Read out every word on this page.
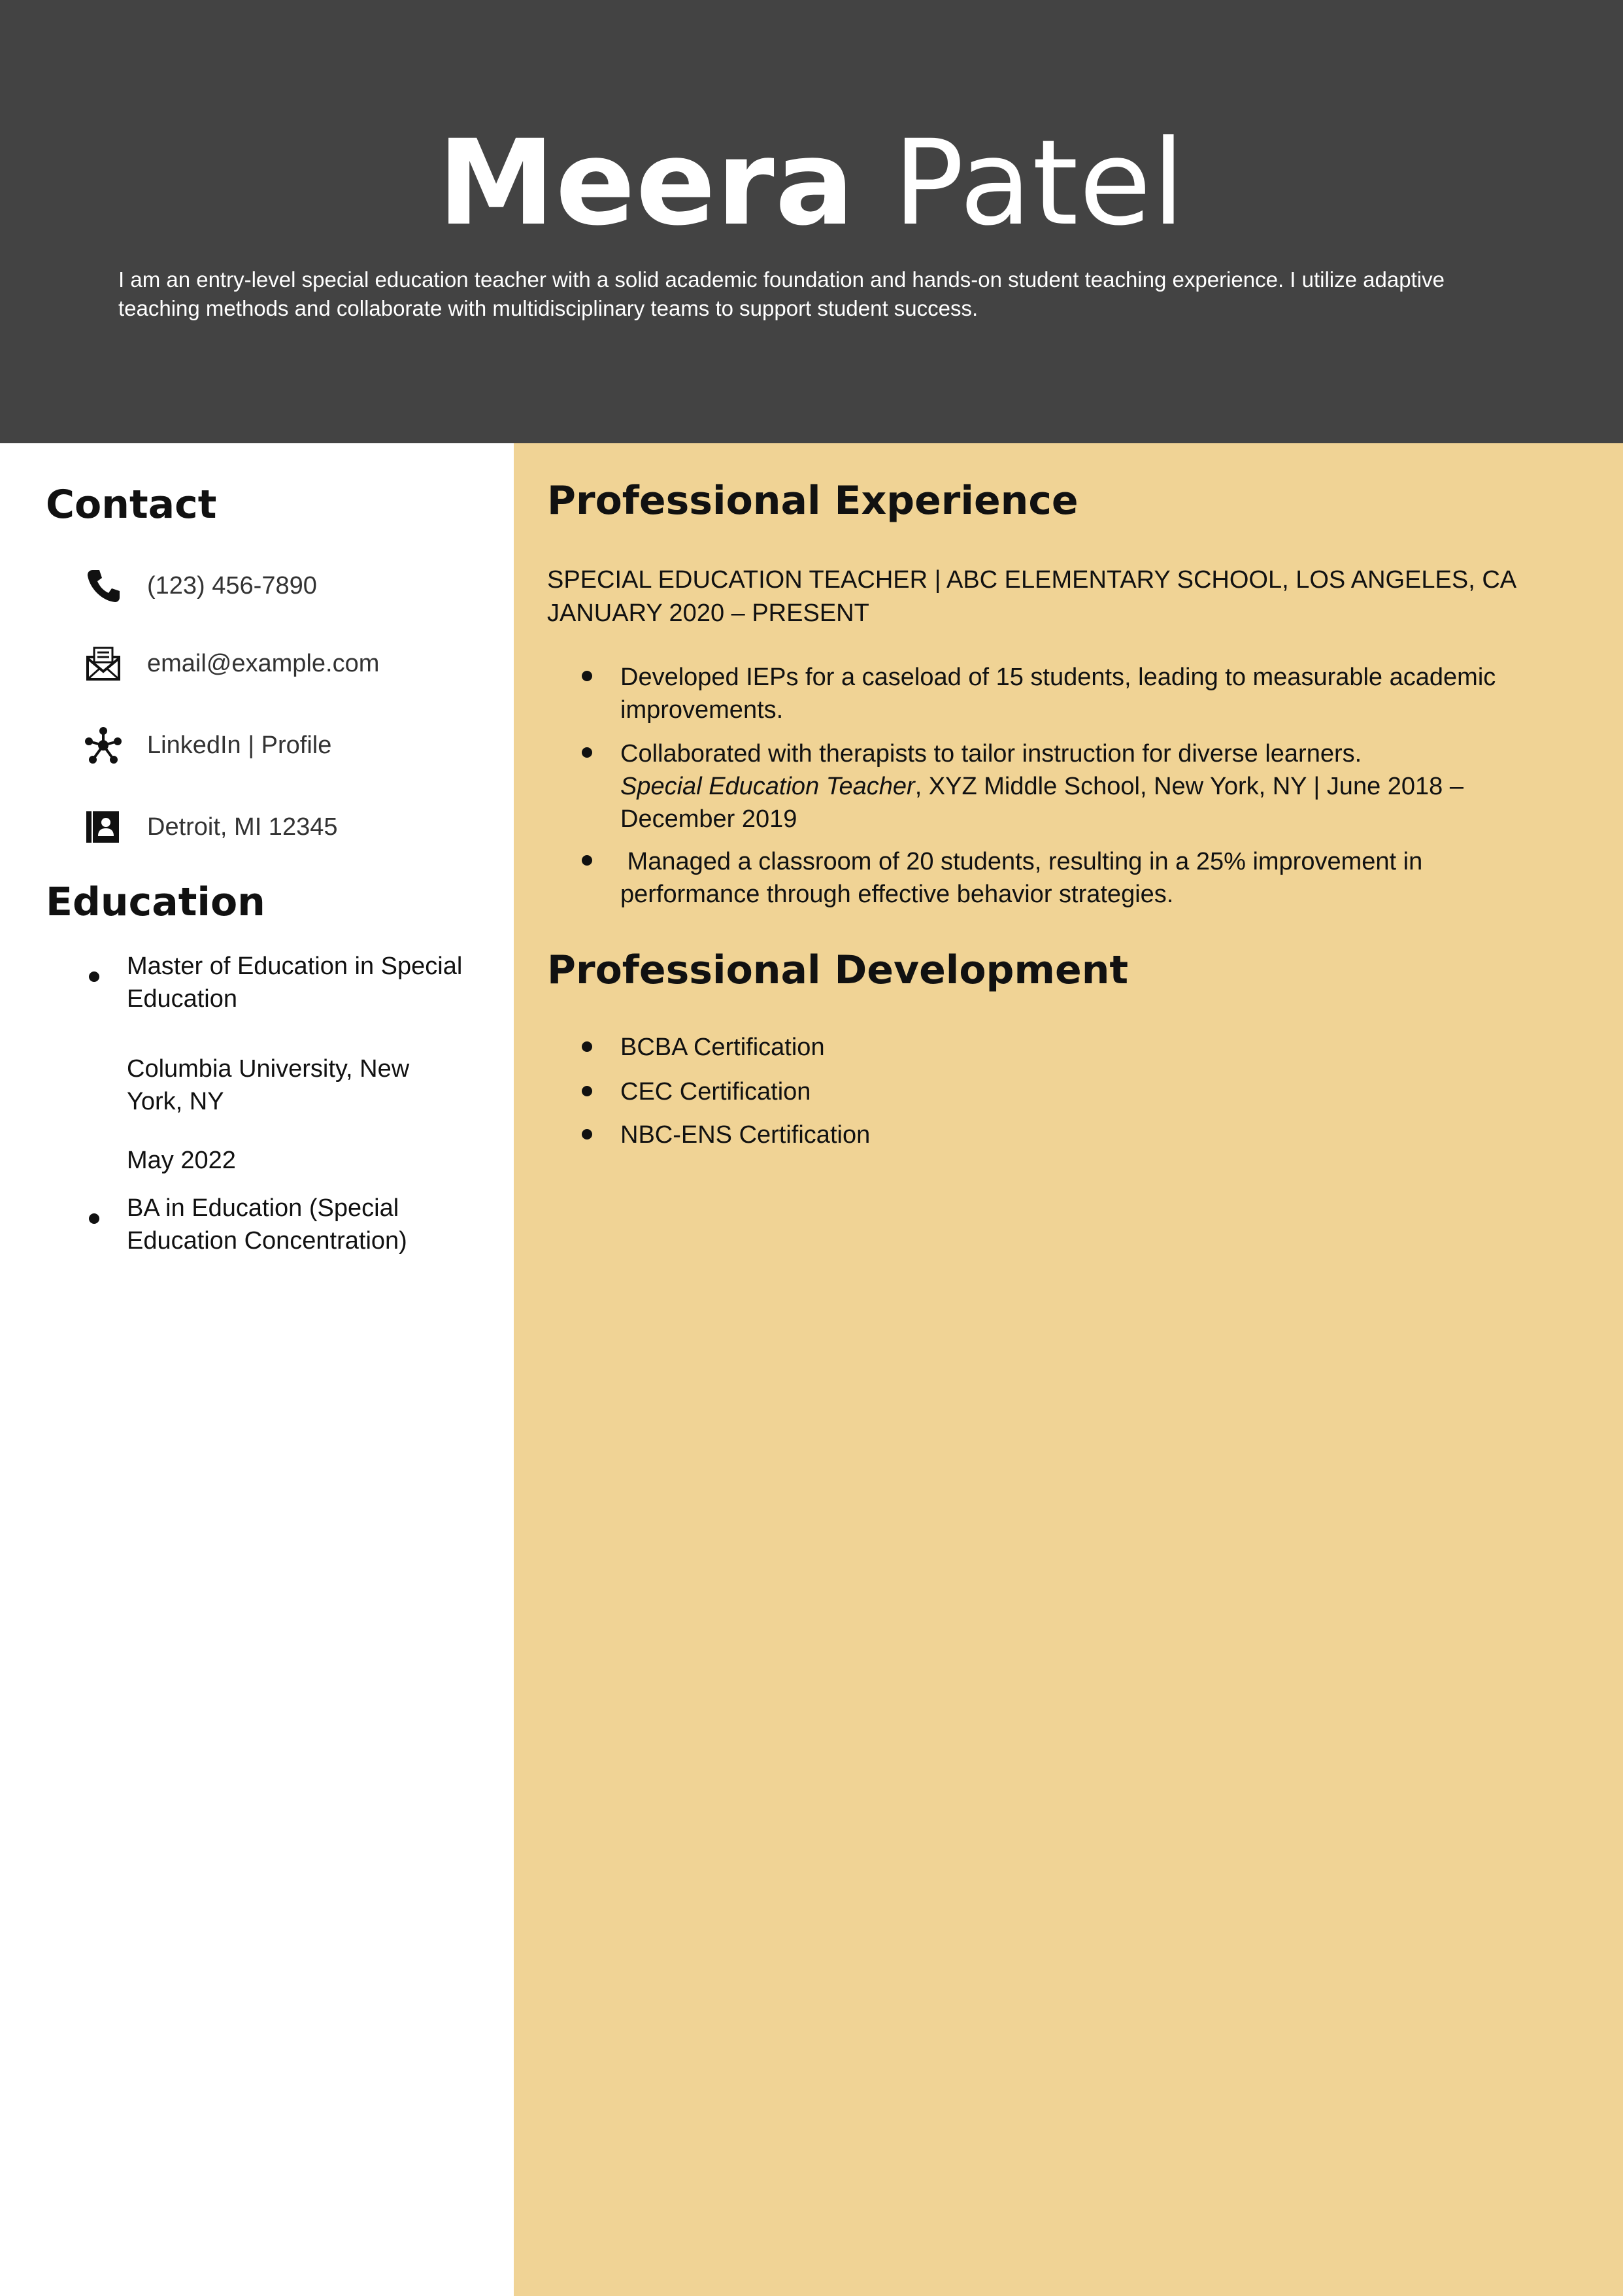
Meera Patel
I am an entry-level special education teacher with a solid academic foundation and hands-on student teaching experience. I utilize adaptive teaching methods and collaborate with multidisciplinary teams to support student success.
Contact
(123) 456-7890
email@example.com
LinkedIn | Profile
Detroit, MI 12345
Education
Master of Education in Special
Education
Columbia University, New
York, NY
May 2022
BA in Education (Special
Education Concentration)
Professional Experience
SPECIAL EDUCATION TEACHER | ABC ELEMENTARY SCHOOL, LOS ANGELES, CA
JANUARY 2020 – PRESENT
Developed IEPs for a caseload of 15 students, leading to measurable academic
improvements.
Collaborated with therapists to tailor instruction for diverse learners.
Special Education Teacher, XYZ Middle School, New York, NY | June 2018 –
December 2019
Managed a classroom of 20 students, resulting in a 25% improvement in
performance through effective behavior strategies.
Professional Development
BCBA Certification
CEC Certification
NBC-ENS Certification
